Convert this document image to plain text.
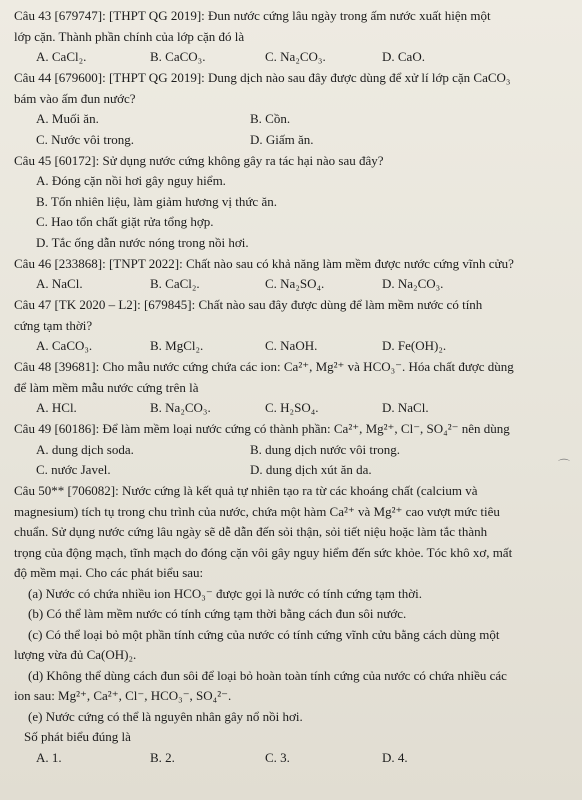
Câu 43 [679747]: [THPT QG 2019]: Đun nước cứng lâu ngày trong ấm nước xuất hiện một

lớp cặn. Thành phần chính của lớp cặn đó là

A. CaCl₂.	B. CaCO₃.	C. Na₂CO₃.	D. CaO.

Câu 44 [679600]: [THPT QG 2019]: Dung dịch nào sau đây được dùng để xử lí lớp cặn CaCO₃

bám vào ấm đun nước?

A. Muối ăn.	B. Cồn.
C. Nước vôi trong.	D. Giấm ăn.

Câu 45 [60172]: Sử dụng nước cứng không gây ra tác hại nào sau đây?

A. Đóng cặn nồi hơi gây nguy hiểm.
B. Tốn nhiên liệu, làm giảm hương vị thức ăn.
C. Hao tổn chất giặt rửa tổng hợp.
D. Tắc ống dẫn nước nóng trong nồi hơi.

Câu 46 [233868]: [TNPT 2022]: Chất nào sau có khả năng làm mềm được nước cứng vĩnh cửu?

A. NaCl.	B. CaCl₂.	C. Na₂SO₄.	D. Na₂CO₃.

Câu 47 [TK 2020 – L2]: [679845]: Chất nào sau đây được dùng để làm mềm nước có tính

cứng tạm thời?

A. CaCO₃.	B. MgCl₂.	C. NaOH.	D. Fe(OH)₂.

Câu 48 [39681]: Cho mẫu nước cứng chứa các ion: Ca²⁺, Mg²⁺ và HCO₃⁻. Hóa chất được dùng

để làm mềm mẫu nước cứng trên là

A. HCl.	B. Na₂CO₃.	C. H₂SO₄.	D. NaCl.

Câu 49 [60186]: Để làm mềm loại nước cứng có thành phần: Ca²⁺, Mg²⁺, Cl⁻, SO₄²⁻ nên dùng

A. dung dịch soda.	B. dung dịch nước vôi trong.
C. nước Javel.	D. dung dịch xút ăn da.

Câu 50** [706082]: Nước cứng là kết quả tự nhiên tạo ra từ các khoáng chất (calcium và

magnesium) tích tụ trong chu trình của nước, chứa một hàm Ca²⁺ và Mg²⁺ cao vượt mức tiêu

chuẩn. Sử dụng nước cứng lâu ngày sẽ dễ dẫn đến sỏi thận, sỏi tiết niệu hoặc làm tắc thành

trọng của động mạch, tĩnh mạch do đóng cặn vôi gây nguy hiểm đến sức khỏe. Tóc khô xơ, mất

độ mềm mại. Cho các phát biểu sau:

(a) Nước có chứa nhiều ion HCO₃⁻ được gọi là nước có tính cứng tạm thời.

(b) Có thể làm mềm nước có tính cứng tạm thời bằng cách đun sôi nước.

(c) Có thể loại bỏ một phần tính cứng của nước có tính cứng vĩnh cửu bằng cách dùng một

lượng vừa đủ Ca(OH)₂.

(d) Không thể dùng cách đun sôi để loại bỏ hoàn toàn tính cứng của nước có chứa nhiều các

ion sau: Mg²⁺, Ca²⁺, Cl⁻, HCO₃⁻, SO₄²⁻.

(e) Nước cứng có thể là nguyên nhân gây nổ nồi hơi.

Số phát biểu đúng là

A. 1.	B. 2.	C. 3.	D. 4.
⌒
